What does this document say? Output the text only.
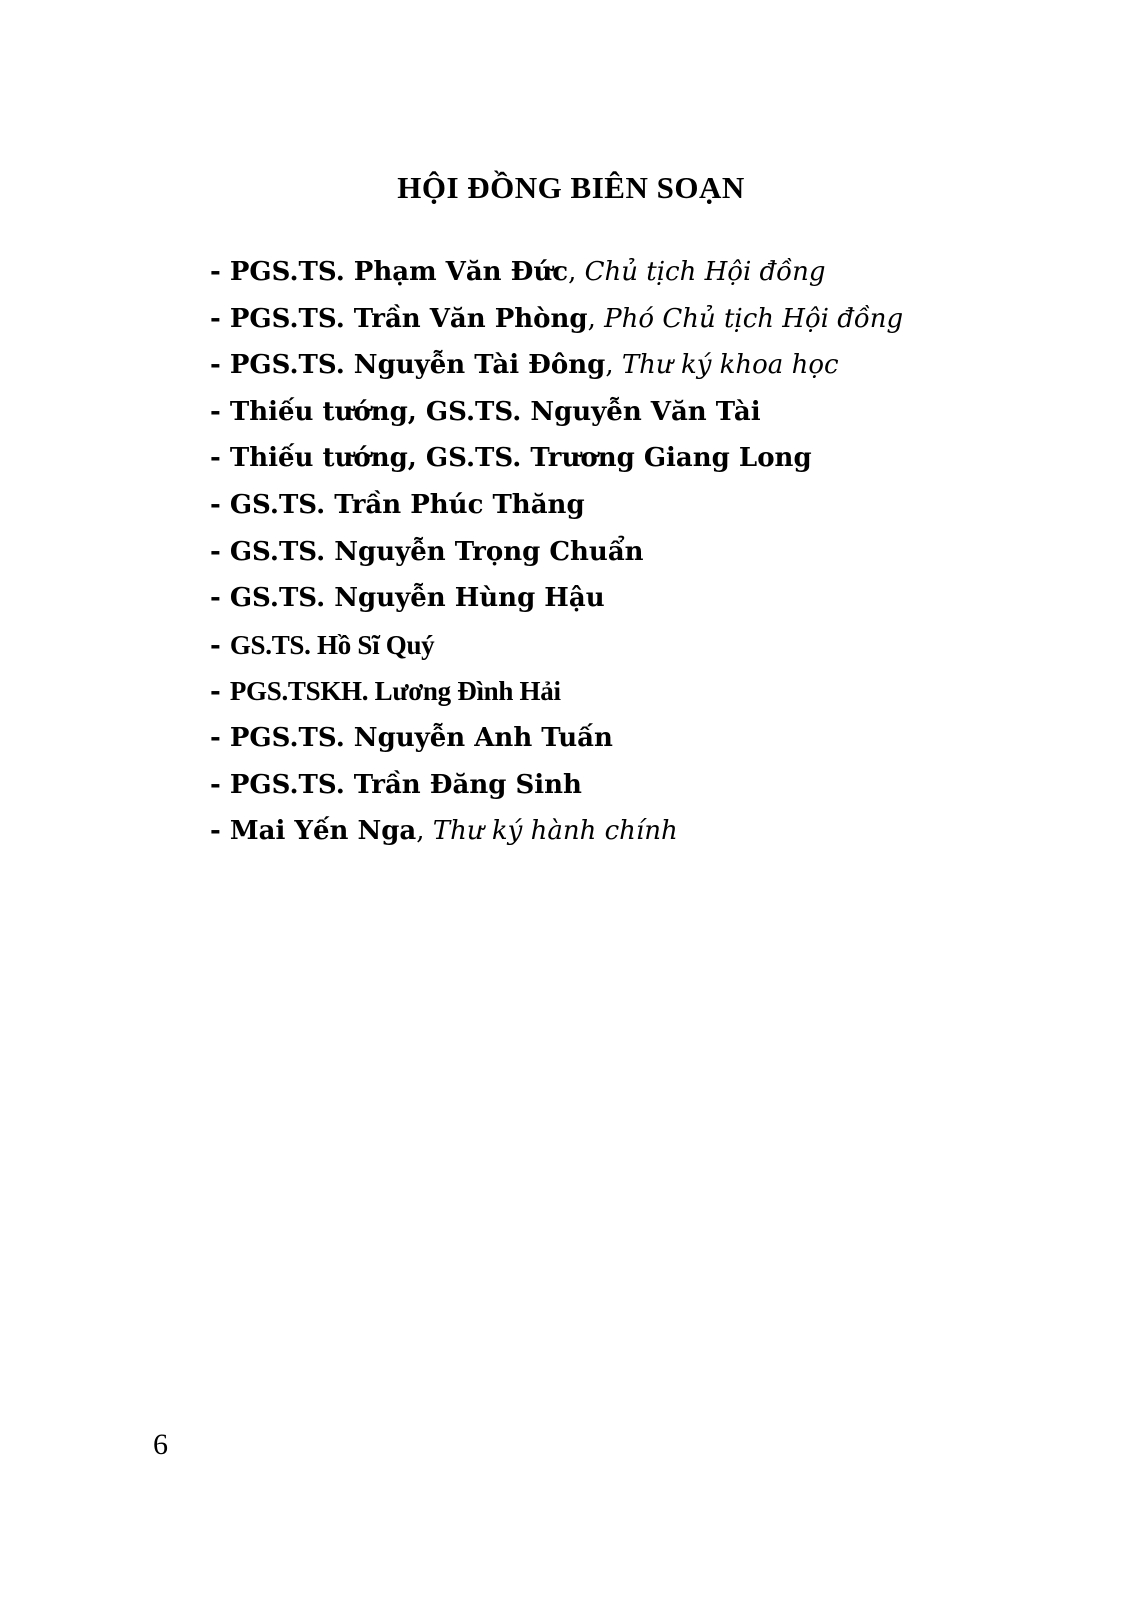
HỘI ĐỒNG BIÊN SOẠN
- PGS.TS. Phạm Văn Đức, Chủ tịch Hội đồng
- PGS.TS. Trần Văn Phòng, Phó Chủ tịch Hội đồng
- PGS.TS. Nguyễn Tài Đông, Thư ký khoa học
- Thiếu tướng, GS.TS. Nguyễn Văn Tài
- Thiếu tướng, GS.TS. Trương Giang Long
- GS.TS. Trần Phúc Thăng
- GS.TS. Nguyễn Trọng Chuẩn
- GS.TS. Nguyễn Hùng Hậu
- GS.TS. Hồ Sĩ Quý
- PGS.TSKH. Lương Đình Hải
- PGS.TS. Nguyễn Anh Tuấn
- PGS.TS. Trần Đăng Sinh
- Mai Yến Nga, Thư ký hành chính
6
